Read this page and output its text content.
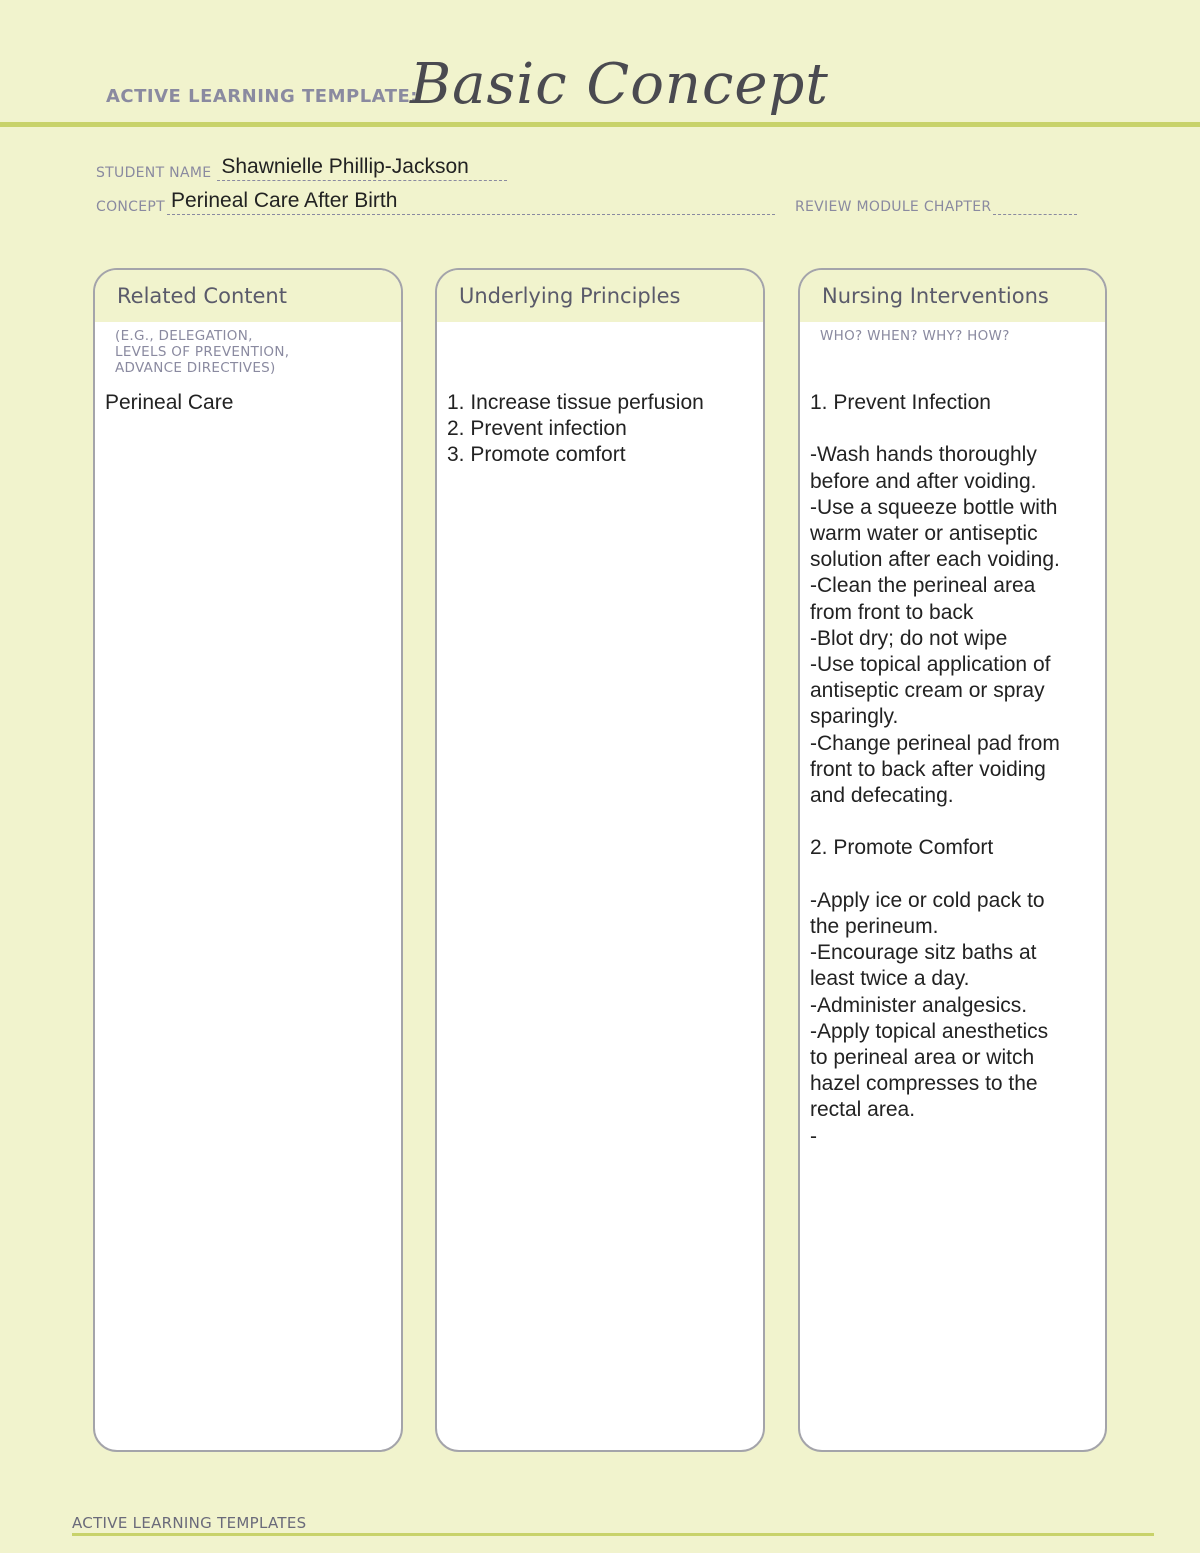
ACTIVE LEARNING TEMPLATE:
Basic Concept
STUDENT NAME Shawnielle Phillip-Jackson
CONCEPT Perineal Care After Birth	REVIEW MODULE CHAPTER
Related Content
(E.G., DELEGATION,
LEVELS OF PREVENTION,
ADVANCE DIRECTIVES)
Perineal Care
Underlying Principles
1. Increase tissue perfusion
2. Prevent infection
3. Promote comfort
Nursing Interventions
WHO? WHEN? WHY? HOW?
1. Prevent Infection
-Wash hands thoroughly
before and after voiding.
-Use a squeeze bottle with
warm water or antiseptic
solution after each voiding.
-Clean the perineal area
from front to back
-Blot dry; do not wipe
-Use topical application of
antiseptic cream or spray
sparingly.
-Change perineal pad from
front to back after voiding
and defecating.
2. Promote Comfort
-Apply ice or cold pack to
the perineum.
-Encourage sitz baths at
least twice a day.
-Administer analgesics.
-Apply topical anesthetics
to perineal area or witch
hazel compresses to the
rectal area.
-
ACTIVE LEARNING TEMPLATES
